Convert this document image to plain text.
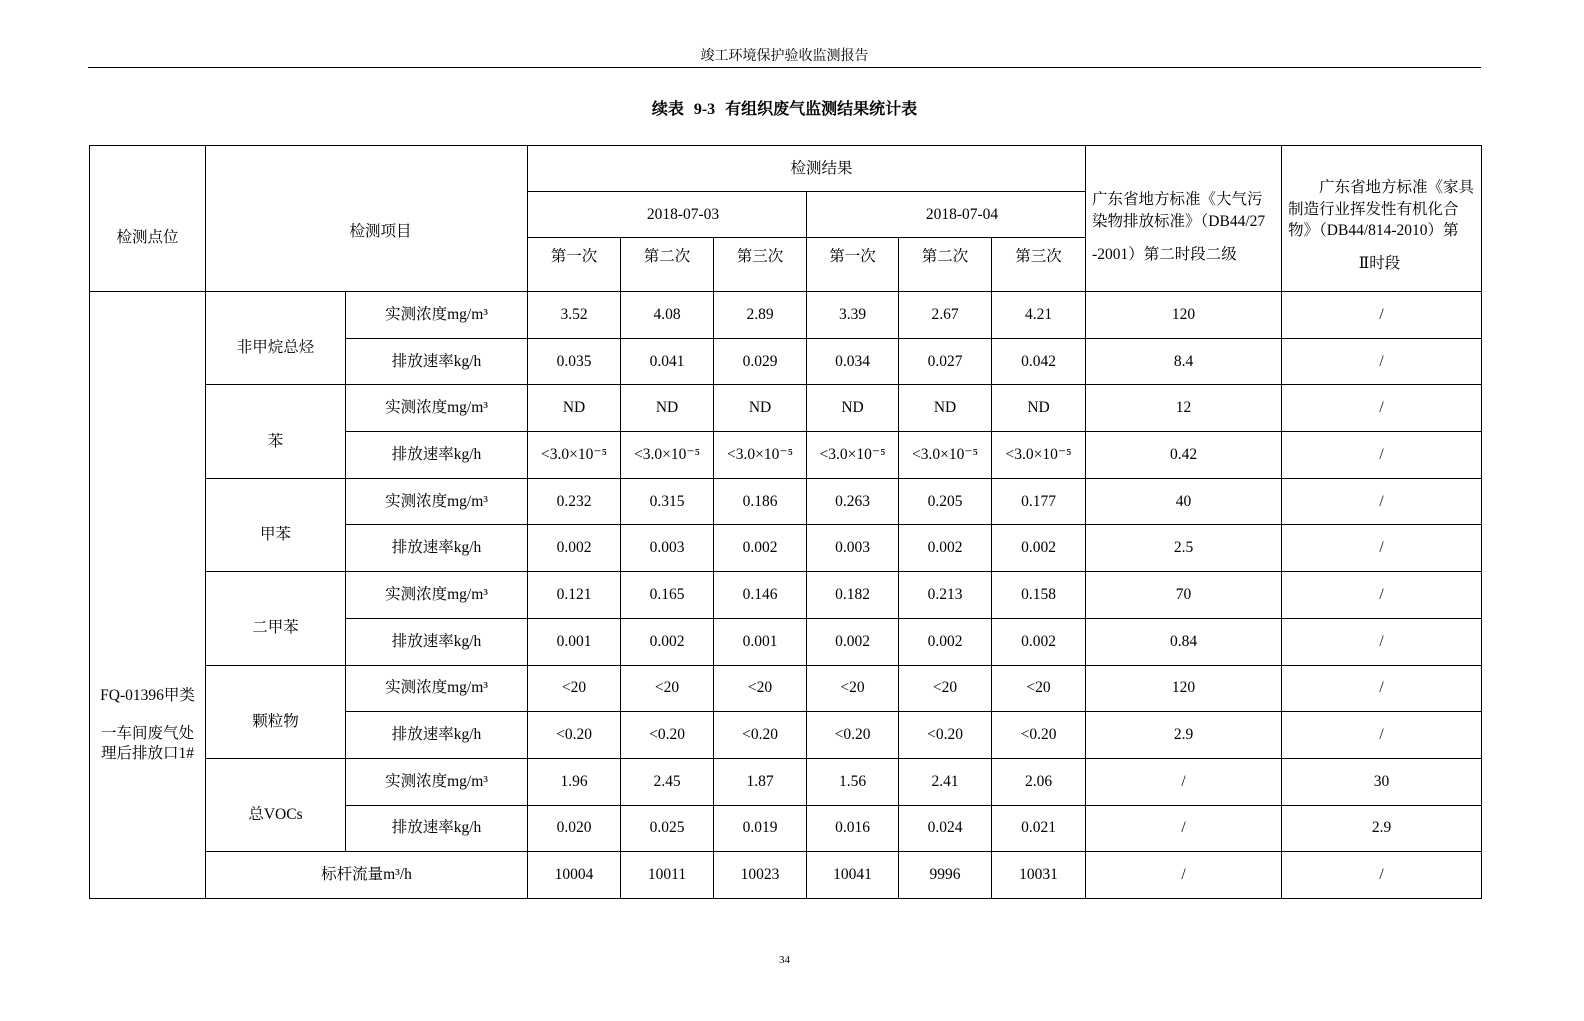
竣工环境保护验收监测报告
续表 9-3 有组织废气监测结果统计表
检测点位	检测项目		检测结果						广东省地方标准《大气污
染物排放标准》（DB44/27
-2001）第二时段二级	广东省地方标准《家具
制造行业挥发性有机化合
物》（DB44/814-2010）第
Ⅱ时段

			2018-07-03			2018-07-04				
			第一次	第二次	第三次	第一次	第二次	第三次		

FQ-01396甲类
一车间废气处
理后排放口1#	非甲烷总烃	实测浓度mg/m³	3.52	4.08	2.89	3.39	2.67	4.21	120	/
		排放速率kg/h	0.035	0.041	0.029	0.034	0.027	0.042	8.4	/
	苯	实测浓度mg/m³	ND	ND	ND	ND	ND	ND	12	/
		排放速率kg/h	<3.0×10⁻⁵	<3.0×10⁻⁵	<3.0×10⁻⁵	<3.0×10⁻⁵	<3.0×10⁻⁵	<3.0×10⁻⁵	0.42	/
	甲苯	实测浓度mg/m³	0.232	0.315	0.186	0.263	0.205	0.177	40	/
		排放速率kg/h	0.002	0.003	0.002	0.003	0.002	0.002	2.5	/
	二甲苯	实测浓度mg/m³	0.121	0.165	0.146	0.182	0.213	0.158	70	/
		排放速率kg/h	0.001	0.002	0.001	0.002	0.002	0.002	0.84	/
	颗粒物	实测浓度mg/m³	<20	<20	<20	<20	<20	<20	120	/
		排放速率kg/h	<0.20	<0.20	<0.20	<0.20	<0.20	<0.20	2.9	/
	总VOCs	实测浓度mg/m³	1.96	2.45	1.87	1.56	2.41	2.06	/	30
		排放速率kg/h	0.020	0.025	0.019	0.016	0.024	0.021	/	2.9
	标杆流量m³/h		10004	10011	10023	10041	9996	10031	/	/
34
